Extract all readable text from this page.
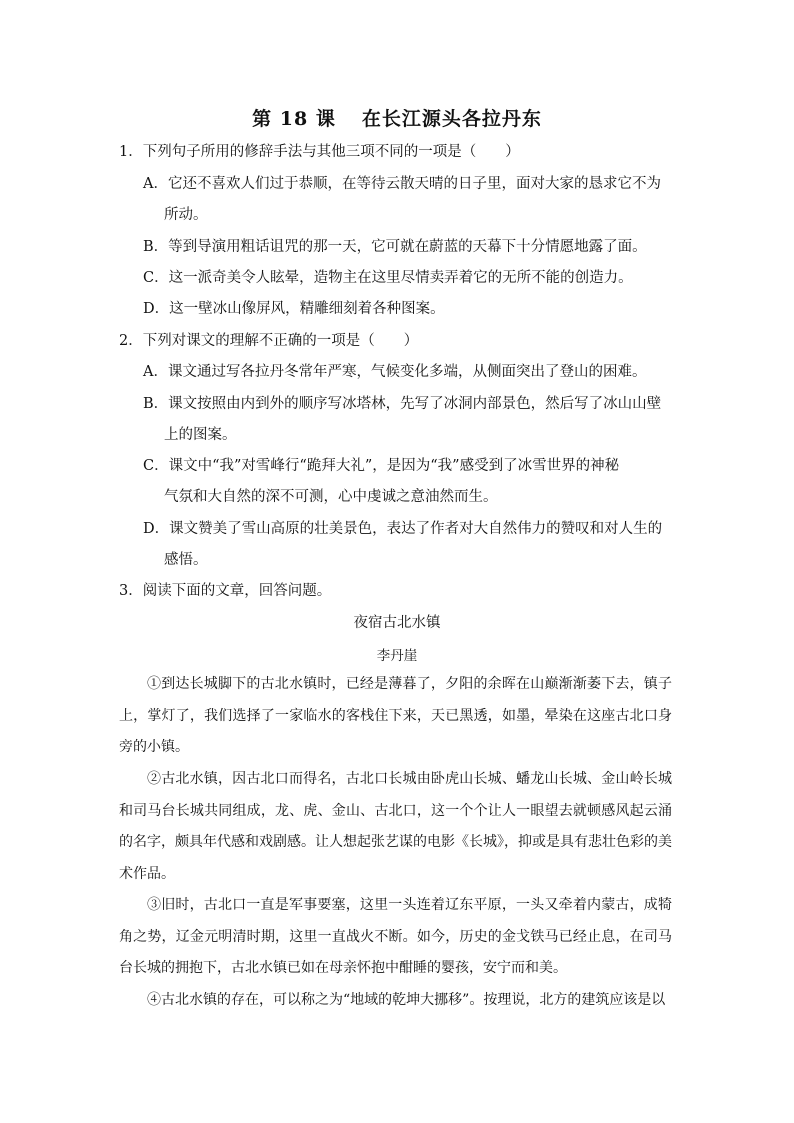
第 18 课 在长江源头各拉丹东
1．下列句子所用的修辞手法与其他三项不同的一项是（　　）
A．它还不喜欢人们过于恭顺，在等待云散天晴的日子里，面对大家的恳求它不为
所动。
B．等到导演用粗话诅咒的那一天，它可就在蔚蓝的天幕下十分情愿地露了面。
C．这一派奇美令人眩晕，造物主在这里尽情卖弄着它的无所不能的创造力。
D．这一壁冰山像屏风，精雕细刻着各种图案。
2．下列对课文的理解不正确的一项是（　　）
A．课文通过写各拉丹冬常年严寒，气候变化多端，从侧面突出了登山的困难。
B．课文按照由内到外的顺序写冰塔林，先写了冰洞内部景色，然后写了冰山山壁
上的图案。
C．课文中“我”对雪峰行“跪拜大礼”，是因为“我”感受到了冰雪世界的神秘
气氛和大自然的深不可测，心中虔诚之意油然而生。
D．课文赞美了雪山高原的壮美景色，表达了作者对大自然伟力的赞叹和对人生的
感悟。
3．阅读下面的文章，回答问题。
夜宿古北水镇
李丹崖
①到达长城脚下的古北水镇时，已经是薄暮了，夕阳的余晖在山巅渐渐萎下去，镇子上，掌灯了，我们选择了一家临水的客栈住下来，天已黑透，如墨，晕染在这座古北口身旁的小镇。
②古北水镇，因古北口而得名，古北口长城由卧虎山长城、蟠龙山长城、金山岭长城和司马台长城共同组成，龙、虎、金山、古北口，这一个个让人一眼望去就顿感风起云涌的名字，颇具年代感和戏剧感。让人想起张艺谋的电影《长城》，抑或是具有悲壮色彩的美术作品。
③旧时，古北口一直是军事要塞，这里一头连着辽东平原，一头又牵着内蒙古，成犄角之势，辽金元明清时期，这里一直战火不断。如今，历史的金戈铁马已经止息，在司马台长城的拥抱下，古北水镇已如在母亲怀抱中酣睡的婴孩，安宁而和美。
④古北水镇的存在，可以称之为“地域的乾坤大挪移”。按理说，北方的建筑应该是以
